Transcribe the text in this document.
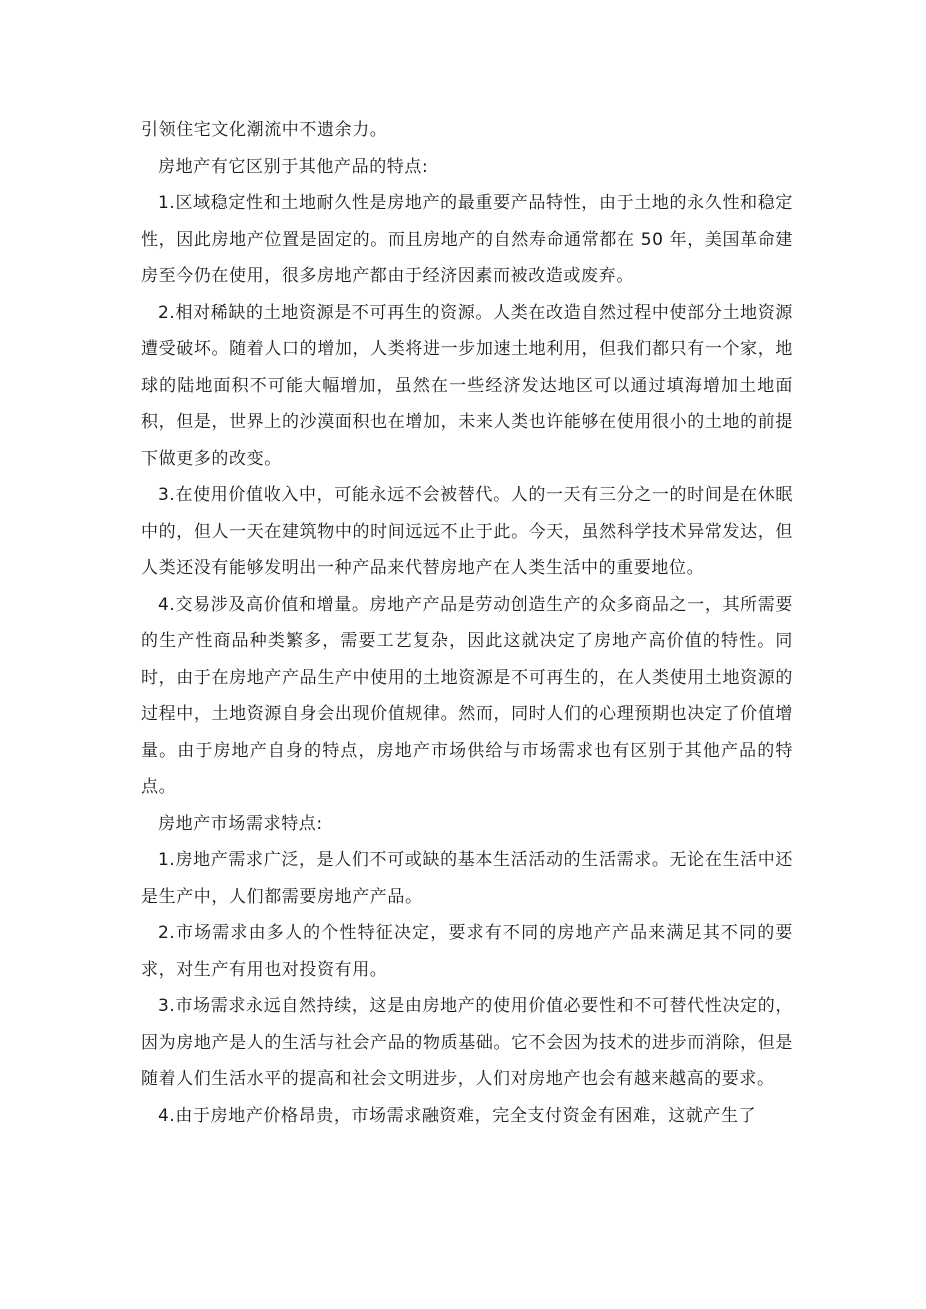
引领住宅文化潮流中不遗余力。

房地产有它区别于其他产品的特点:

1.区域稳定性和土地耐久性是房地产的最重要产品特性，由于土地的永久性和稳定性，因此房地产位置是固定的。而且房地产的自然寿命通常都在 50 年，美国革命建房至今仍在使用，很多房地产都由于经济因素而被改造或废弃。

2.相对稀缺的土地资源是不可再生的资源。人类在改造自然过程中使部分土地资源遭受破坏。随着人口的增加，人类将进一步加速土地利用，但我们都只有一个家，地球的陆地面积不可能大幅增加，虽然在一些经济发达地区可以通过填海增加土地面积，但是，世界上的沙漠面积也在增加，未来人类也许能够在使用很小的土地的前提下做更多的改变。

3.在使用价值收入中，可能永远不会被替代。人的一天有三分之一的时间是在休眠中的，但人一天在建筑物中的时间远远不止于此。今天，虽然科学技术异常发达，但人类还没有能够发明出一种产品来代替房地产在人类生活中的重要地位。

4.交易涉及高价值和增量。房地产产品是劳动创造生产的众多商品之一，其所需要的生产性商品种类繁多，需要工艺复杂，因此这就决定了房地产高价值的特性。同时，由于在房地产产品生产中使用的土地资源是不可再生的，在人类使用土地资源的过程中，土地资源自身会出现价值规律。然而，同时人们的心理预期也决定了价值增量。由于房地产自身的特点，房地产市场供给与市场需求也有区别于其他产品的特点。

房地产市场需求特点:

1.房地产需求广泛，是人们不可或缺的基本生活活动的生活需求。无论在生活中还是生产中，人们都需要房地产产品。

2.市场需求由多人的个性特征决定，要求有不同的房地产产品来满足其不同的要求，对生产有用也对投资有用。

3.市场需求永远自然持续，这是由房地产的使用价值必要性和不可替代性决定的，因为房地产是人的生活与社会产品的物质基础。它不会因为技术的进步而消除，但是随着人们生活水平的提高和社会文明进步，人们对房地产也会有越来越高的要求。

4.由于房地产价格昂贵，市场需求融资难，完全支付资金有困难，这就产生了
